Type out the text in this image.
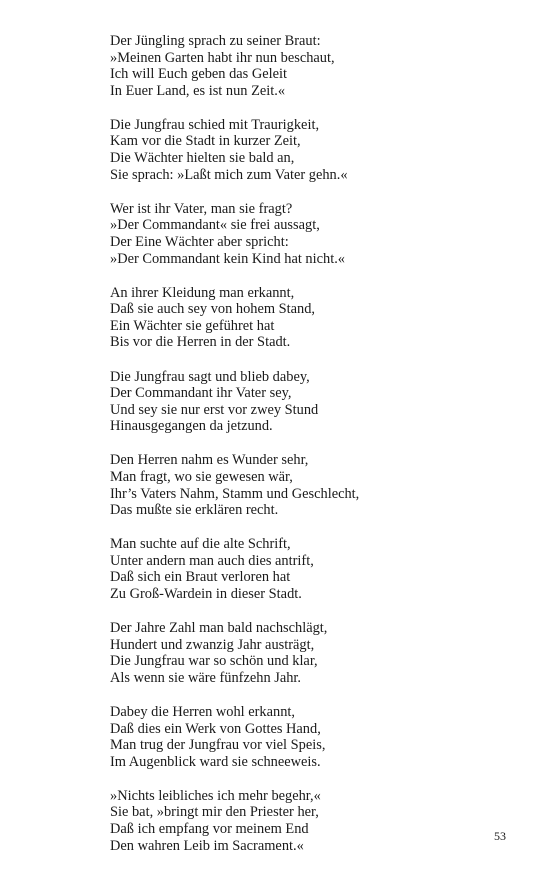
Der Jüngling sprach zu seiner Braut:
»Meinen Garten habt ihr nun beschaut,
Ich will Euch geben das Geleit
In Euer Land, es ist nun Zeit.«
Die Jungfrau schied mit Traurigkeit,
Kam vor die Stadt in kurzer Zeit,
Die Wächter hielten sie bald an,
Sie sprach: »Laßt mich zum Vater gehn.«
Wer ist ihr Vater, man sie fragt?
»Der Commandant« sie frei aussagt,
Der Eine Wächter aber spricht:
»Der Commandant kein Kind hat nicht.«
An ihrer Kleidung man erkannt,
Daß sie auch sey von hohem Stand,
Ein Wächter sie geführet hat
Bis vor die Herren in der Stadt.
Die Jungfrau sagt und blieb dabey,
Der Commandant ihr Vater sey,
Und sey sie nur erst vor zwey Stund
Hinausgegangen da jetzund.
Den Herren nahm es Wunder sehr,
Man fragt, wo sie gewesen wär,
Ihr’s Vaters Nahm, Stamm und Geschlecht,
Das mußte sie erklären recht.
Man suchte auf die alte Schrift,
Unter andern man auch dies antrift,
Daß sich ein Braut verloren hat
Zu Groß-Wardein in dieser Stadt.
Der Jahre Zahl man bald nachschlägt,
Hundert und zwanzig Jahr austrägt,
Die Jungfrau war so schön und klar,
Als wenn sie wäre fünfzehn Jahr.
Dabey die Herren wohl erkannt,
Daß dies ein Werk von Gottes Hand,
Man trug der Jungfrau vor viel Speis,
Im Augenblick ward sie schneeweis.
»Nichts leibliches ich mehr begehr,«
Sie bat, »bringt mir den Priester her,
Daß ich empfang vor meinem End
Den wahren Leib im Sacrament.«
53
